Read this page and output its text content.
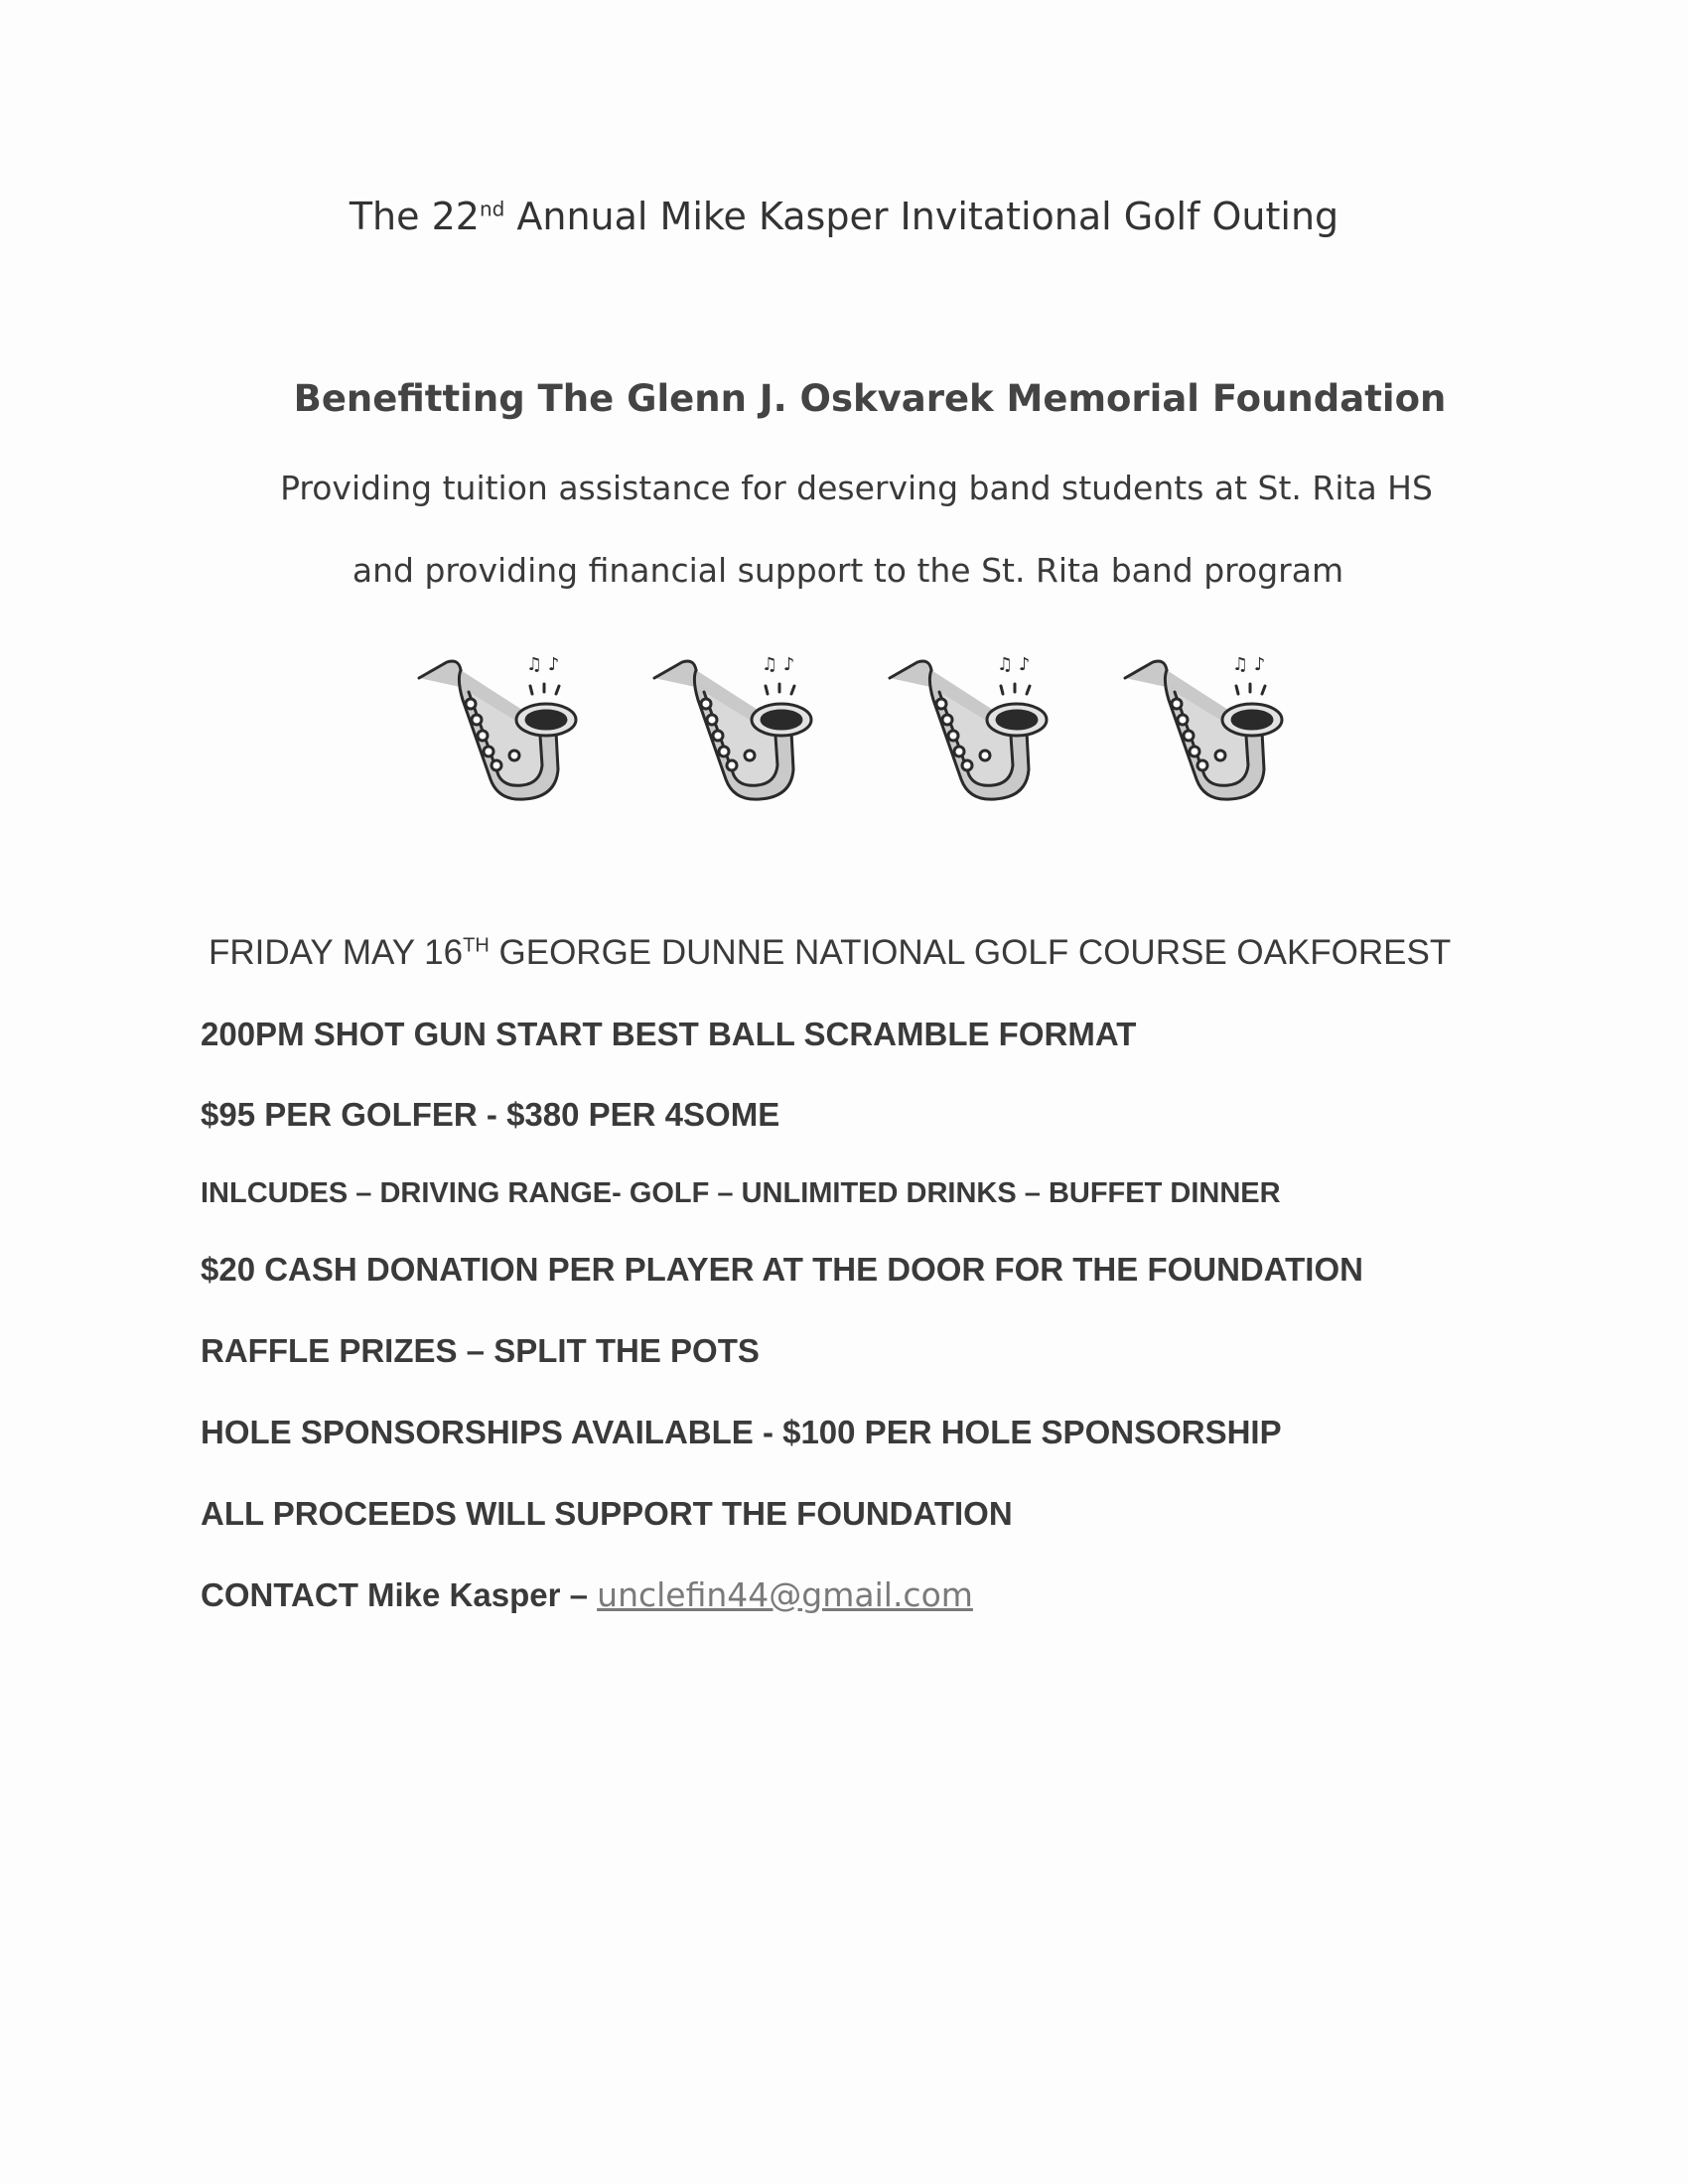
The 22nd Annual Mike Kasper Invitational Golf Outing
Benefitting The Glenn J. Oskvarek Memorial Foundation
Providing tuition assistance for deserving band students at St. Rita HS
and providing financial support to the St. Rita band program
♫ ♪	♫ ♪	♫ ♪	♫ ♪
FRIDAY MAY 16TH GEORGE DUNNE NATIONAL GOLF COURSE OAKFOREST
200PM SHOT GUN START BEST BALL SCRAMBLE FORMAT
$95 PER GOLFER - $380 PER 4SOME
INLCUDES – DRIVING RANGE- GOLF – UNLIMITED DRINKS – BUFFET DINNER
$20 CASH DONATION PER PLAYER AT THE DOOR FOR THE FOUNDATION
RAFFLE PRIZES – SPLIT THE POTS
HOLE SPONSORSHIPS AVAILABLE - $100 PER HOLE SPONSORSHIP
ALL PROCEEDS WILL SUPPORT THE FOUNDATION
CONTACT Mike Kasper – unclefin44@gmail.com
